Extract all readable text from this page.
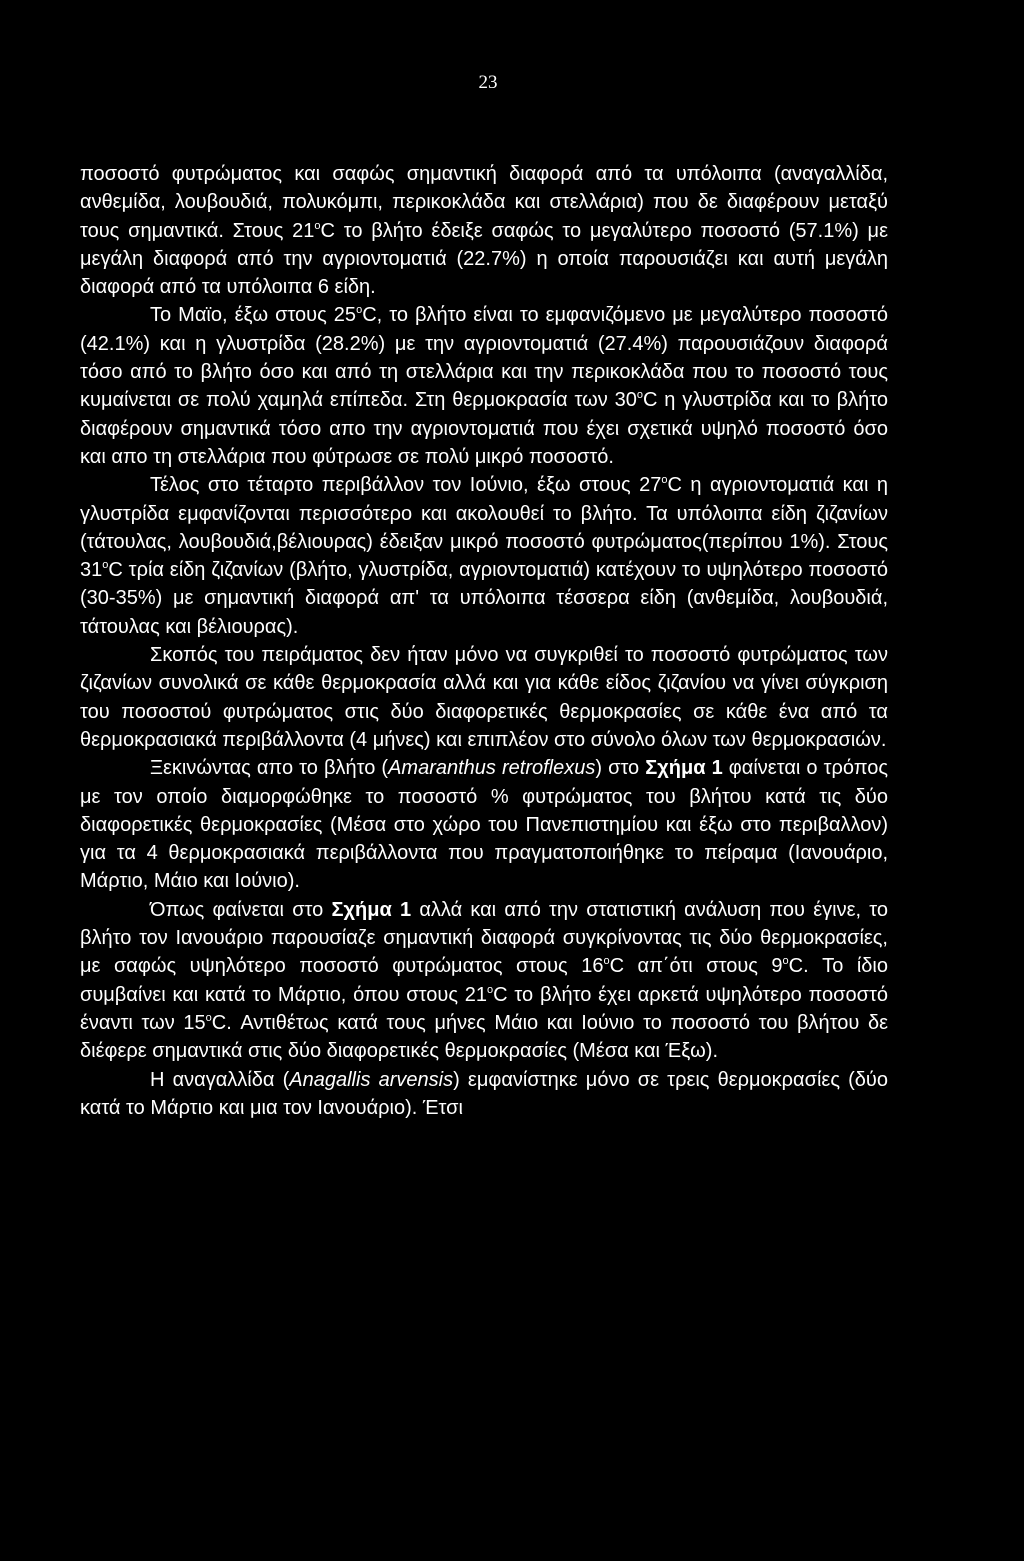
23

ποσοστό φυτρώματος και σαφώς σημαντική διαφορά από τα υπόλοιπα (αναγαλλίδα, ανθεμίδα, λουβουδιά, πολυκόμπι, περικοκλάδα και στελλάρια) που δε διαφέρουν μεταξύ τους σημαντικά. Στους $21^oC$ το βλήτο έδειξε σαφώς το μεγαλύτερο ποσοστό (57.1%) με μεγάλη διαφορά από την αγριοντοματιά (22.7%) η οποία παρουσιάζει και αυτή μεγάλη διαφορά από τα υπόλοιπα 6 είδη.

Το Μαϊο, έξω στους $25^oC$, το βλήτο είναι το εμφανιζόμενο με μεγαλύτερο ποσοστό (42.1%) και η γλυστρίδα (28.2%) με την αγριοντοματιά (27.4%) παρουσιάζουν διαφορά τόσο από το βλήτο όσο και από τη στελλάρια και την περικοκλάδα που το ποσοστό τους κυμαίνεται σε πολύ χαμηλά επίπεδα. Στη θερμοκρασία των $30^oC$ η γλυστρίδα και το βλήτο διαφέρουν σημαντικά τόσο απο την αγριοντοματιά που έχει σχετικά υψηλό ποσοστό όσο και απο τη στελλάρια που φύτρωσε σε πολύ μικρό ποσοστό.

Τέλος στο τέταρτο περιβάλλον τον Ιούνιο, έξω στους $27^oC$ η αγριοντοματιά και η γλυστρίδα εμφανίζονται περισσότερο και ακολουθεί το βλήτο. Τα υπόλοιπα είδη ζιζανίων (τάτουλας, λουβουδιά,βέλιουρας) έδειξαν μικρό ποσοστό φυτρώματος(περίπου 1%). Στους $31^oC$ τρία είδη ζιζανίων (βλήτο, γλυστρίδα, αγριοντοματιά) κατέχουν το υψηλότερο ποσοστό (30-35%) με σημαντική διαφορά απ' τα υπόλοιπα τέσσερα είδη (ανθεμίδα, λουβουδιά, τάτουλας και βέλιουρας).

Σκοπός του πειράματος δεν ήταν μόνο να συγκριθεί το ποσοστό φυτρώματος των ζιζανίων συνολικά σε κάθε θερμοκρασία αλλά και για κάθε είδος ζιζανίου να γίνει σύγκριση του ποσοστού φυτρώματος στις δύο διαφορετικές θερμοκρασίες σε κάθε ένα από τα θερμοκρασιακά περιβάλλοντα (4 μήνες) και επιπλέον στο σύνολο όλων των θερμοκρασιών.

Ξεκινώντας απο το βλήτο (Amaranthus retroflexus) στο Σχήμα 1 φαίνεται ο τρόπος με τον οποίο διαμορφώθηκε το ποσοστό % φυτρώματος του βλήτου κατά τις δύο διαφορετικές θερμοκρασίες (Μέσα στο χώρο του Πανεπιστημίου και έξω στο περιβαλλον) για τα 4 θερμοκρασιακά περιβάλλοντα που πραγματοποιήθηκε το πείραμα (Ιανουάριο, Μάρτιο, Μάιο και Ιούνιο).

Όπως φαίνεται στο Σχήμα 1 αλλά και από την στατιστική ανάλυση που έγινε, το βλήτο τον Ιανουάριο παρουσίαζε σημαντική διαφορά συγκρίνοντας τις δύο θερμοκρασίες, με σαφώς υψηλότερο ποσοστό φυτρώματος στους $16^oC$ απ΄ότι στους $9^oC$. Το ίδιο συμβαίνει και κατά το Μάρτιο, όπου στους $21^oC$ το βλήτο έχει αρκετά υψηλότερο ποσοστό έναντι των $15^oC$. Αντιθέτως κατά τους μήνες Μάιο και Ιούνιο το ποσοστό του βλήτου δε διέφερε σημαντικά στις δύο διαφορετικές θερμοκρασίες (Μέσα και Έξω).

Η αναγαλλίδα (Anagallis arvensis) εμφανίστηκε μόνο σε τρεις θερμοκρασίες (δύο κατά το Μάρτιο και μια τον Ιανουάριο). Έτσι
